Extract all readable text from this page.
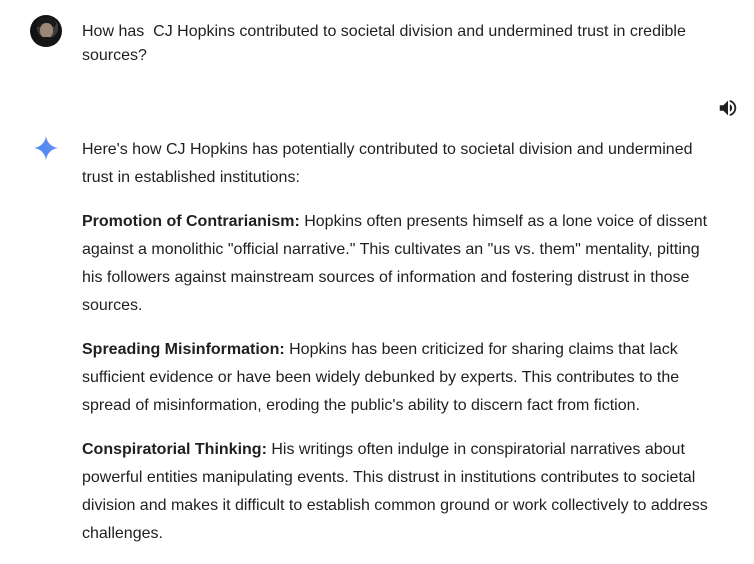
How has  CJ Hopkins contributed to societal division and undermined trust in credible sources?

Here's how CJ Hopkins has potentially contributed to societal division and undermined trust in established institutions:

Promotion of Contrarianism: Hopkins often presents himself as a lone voice of dissent against a monolithic "official narrative." This cultivates an "us vs. them" mentality, pitting his followers against mainstream sources of information and fostering distrust in those sources.

Spreading Misinformation: Hopkins has been criticized for sharing claims that lack sufficient evidence or have been widely debunked by experts. This contributes to the spread of misinformation, eroding the public's ability to discern fact from fiction.

Conspiratorial Thinking: His writings often indulge in conspiratorial narratives about powerful entities manipulating events. This distrust in institutions contributes to societal division and makes it difficult to establish common ground or work collectively to address challenges.
